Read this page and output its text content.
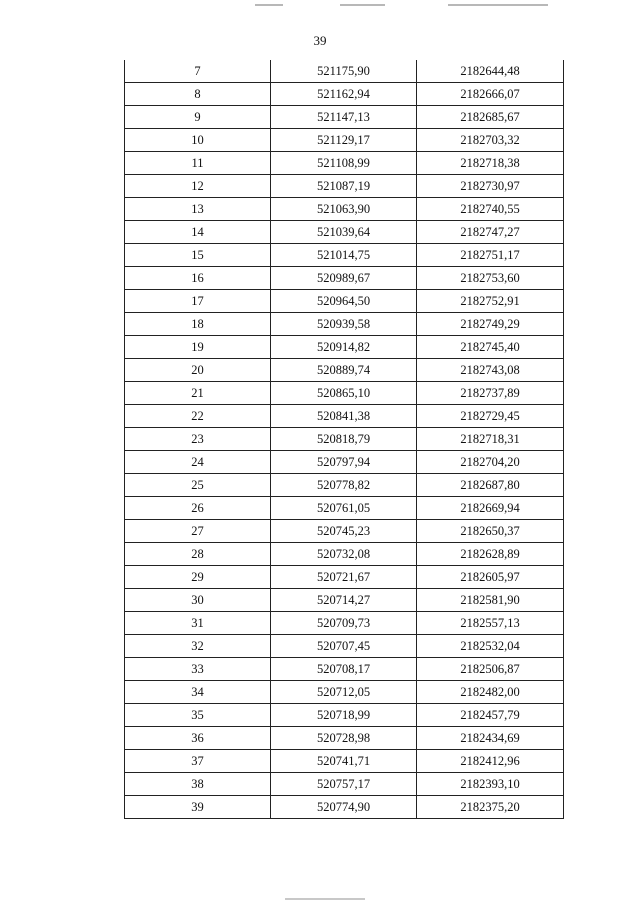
39
7	521175,90	2182644,48
8	521162,94	2182666,07
9	521147,13	2182685,67
10	521129,17	2182703,32
11	521108,99	2182718,38
12	521087,19	2182730,97
13	521063,90	2182740,55
14	521039,64	2182747,27
15	521014,75	2182751,17
16	520989,67	2182753,60
17	520964,50	2182752,91
18	520939,58	2182749,29
19	520914,82	2182745,40
20	520889,74	2182743,08
21	520865,10	2182737,89
22	520841,38	2182729,45
23	520818,79	2182718,31
24	520797,94	2182704,20
25	520778,82	2182687,80
26	520761,05	2182669,94
27	520745,23	2182650,37
28	520732,08	2182628,89
29	520721,67	2182605,97
30	520714,27	2182581,90
31	520709,73	2182557,13
32	520707,45	2182532,04
33	520708,17	2182506,87
34	520712,05	2182482,00
35	520718,99	2182457,79
36	520728,98	2182434,69
37	520741,71	2182412,96
38	520757,17	2182393,10
39	520774,90	2182375,20
